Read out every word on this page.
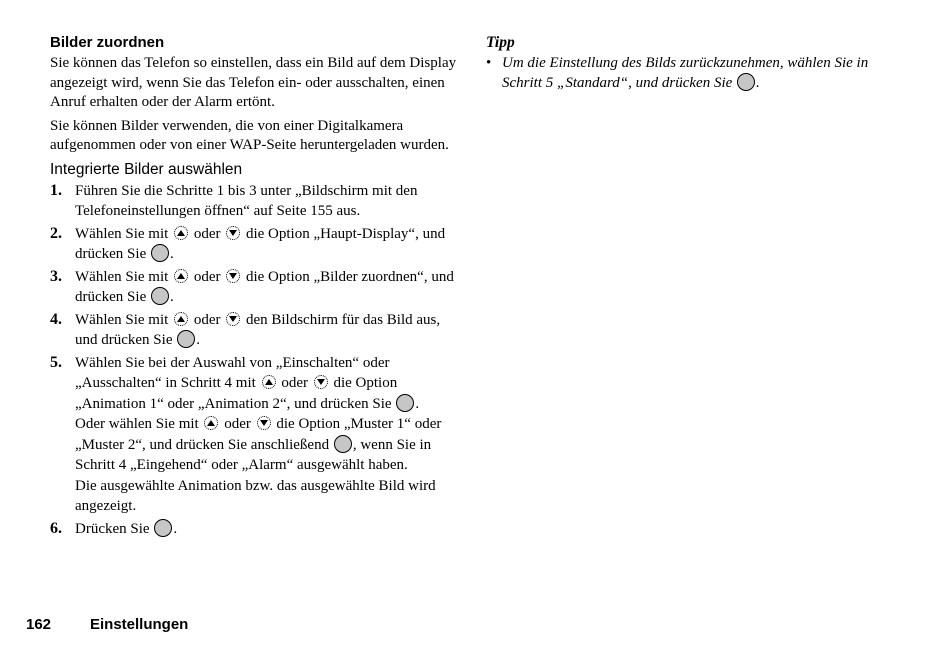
Bilder zuordnen

Sie können das Telefon so einstellen, dass ein Bild auf dem Display angezeigt wird, wenn Sie das Telefon ein- oder ausschalten, einen Anruf erhalten oder der Alarm ertönt.

Sie können Bilder verwenden, die von einer Digitalkamera aufgenommen oder von einer WAP-Seite heruntergeladen wurden.

Integrierte Bilder auswählen
1. Führen Sie die Schritte 1 bis 3 unter „Bildschirm mit den Telefoneinstellungen öffnen“ auf Seite 155 aus.
2. Wählen Sie mit oder die Option „Haupt-Display“, und drücken Sie .
3. Wählen Sie mit oder die Option „Bilder zuordnen“, und drücken Sie .
4. Wählen Sie mit oder den Bildschirm für das Bild aus, und drücken Sie .
5. Wählen Sie bei der Auswahl von „Einschalten“ oder „Ausschalten“ in Schritt 4 mit oder die Option „Animation 1“ oder „Animation 2“, und drücken Sie .
Oder wählen Sie mit oder die Option „Muster 1“ oder „Muster 2“, und drücken Sie anschließend , wenn Sie in Schritt 4 „Eingehend“ oder „Alarm“ ausgewählt haben.
Die ausgewählte Animation bzw. das ausgewählte Bild wird angezeigt.
6. Drücken Sie .
Tipp
• Um die Einstellung des Bilds zurückzunehmen, wählen Sie in Schritt 5 „Standard“, und drücken Sie .
162	Einstellungen
